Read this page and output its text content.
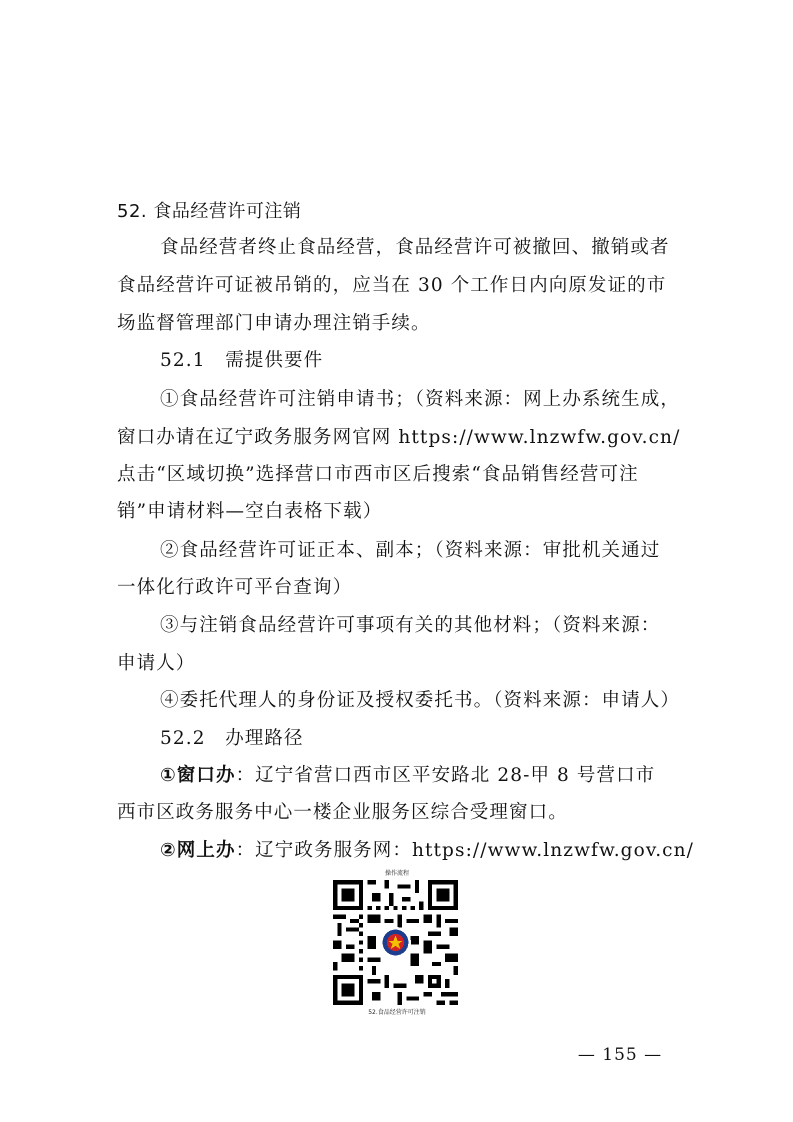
52. 食品经营许可注销
食品经营者终止食品经营，食品经营许可被撤回、撤销或者
食品经营许可证被吊销的，应当在 30 个工作日内向原发证的市
场监督管理部门申请办理注销手续。
52.1　需提供要件
①食品经营许可注销申请书；（资料来源：网上办系统生成，
窗口办请在辽宁政务服务网官网 https://www.lnzwfw.gov.cn/
点击“区域切换”选择营口市西市区后搜索“食品销售经营可注
销”申请材料—空白表格下载）
②食品经营许可证正本、副本；（资料来源：审批机关通过
一体化行政许可平台查询）
③与注销食品经营许可事项有关的其他材料；（资料来源：
申请人）
④委托代理人的身份证及授权委托书。（资料来源：申请人）
52.2　办理路径
①窗口办：辽宁省营口西市区平安路北 28-甲 8 号营口市
西市区政务服务中心一楼企业服务区综合受理窗口。
②网上办：辽宁政务服务网：https://www.lnzwfw.gov.cn/
操作流程
52.食品经营许可注销
— 155 —
